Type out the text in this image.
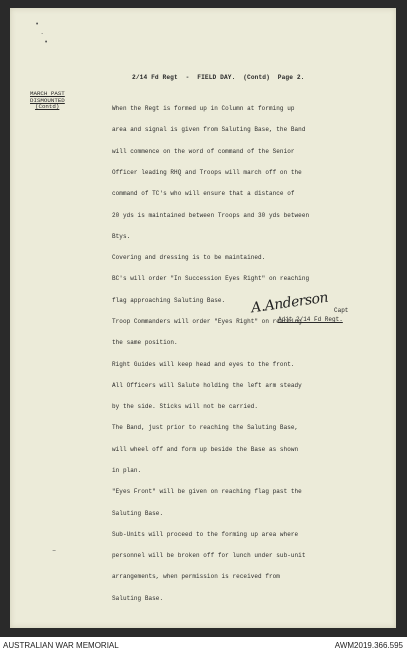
•
‧
•
–
2/14 Fd Regt - FIELD DAY. (Contd) Page 2.
MARCH PAST
DISMOUNTED
(Contd)

	When the Regt is formed up in Column at forming up

area and signal is given from Saluting Base, the Band

will commence on the word of command of the Senior

Officer leading RHQ and Troops will march off on the

command of TC's who will ensure that a distance of

20 yds is maintained between Troops and 30 yds between

Btys.

Covering and dressing is to be maintained.

BC's will order "In Succession Eyes Right" on reaching

flag approaching Saluting Base.

Troop Commanders will order "Eyes Right" on reaching

the same position.

Right Guides will keep head and eyes to the front.

All Officers will Salute holding the left arm steady

by the side. Sticks will not be carried.

The Band, just prior to reaching the Saluting Base,

will wheel off and form up beside the Base as shown

in plan.

"Eyes Front" will be given on reaching flag past the

Saluting Base.

Sub-Units will proceed to the forming up area where

personnel will be broken off for lunch under sub-unit

arrangements, when permission is received from

Saluting Base.

A.Anderson Capt
Adjt 2/14 Fd Regt.
AUSTRALIAN WAR MEMORIAL	AWM2019.366.595
